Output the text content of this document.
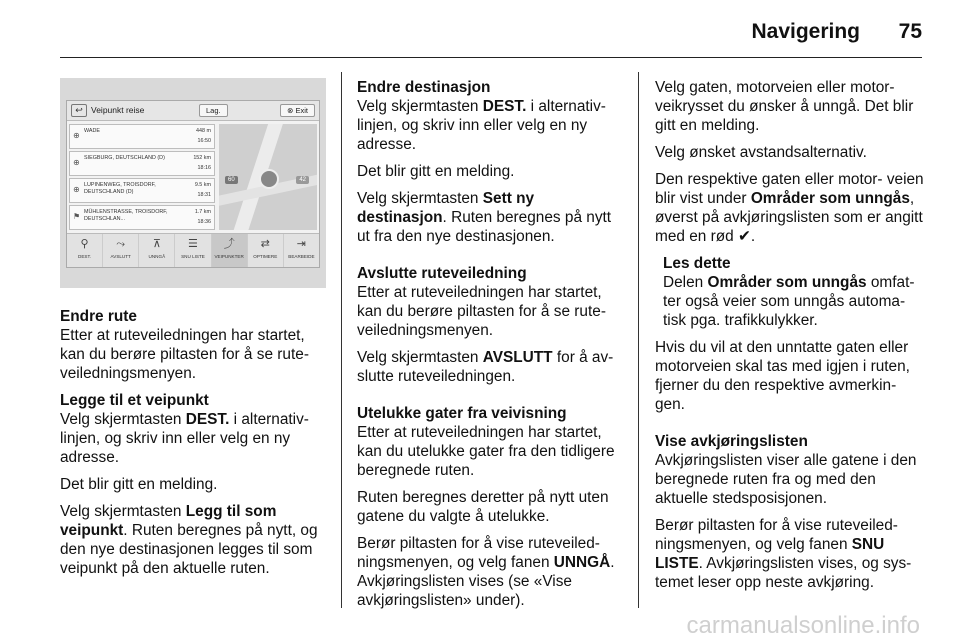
Navigering 75
↩ Veipunkt reise	Lag.	⊗ Exit
⊕ WADE	448 m
16:50
⊕ SIEGBURG, DEUTSCHLAND (D)	152 km
18:16
⊕ LUPINENWEG, TROISDORF, DEUTSCHLAND (D)
9.5 km
18:31
⚑ MÜHLENSTRASSE, TROISDORF, DEUTSCHLAN...
1.7 km
18:36
60	42
⚲
DEST.
⤳
AVSLUTT
⊼
UNNGÅ
☰
SNU LISTE
⤴
VEIPUNKTER
⇄
OPTIMERE
⇥
BEARBEIDE
Endre rute

Etter at ruteveiledningen har startet, kan du berøre piltasten for å se rute- veiledningsmenyen.

Legge til et veipunkt

Velg skjermtasten DEST. i alternativ- linjen, og skriv inn eller velg en ny adresse.

Det blir gitt en melding.

Velg skjermtasten Legg til som veipunkt. Ruten beregnes på nytt, og den nye destinasjonen legges til som veipunkt på den aktuelle ruten.

Endre destinasjon

Velg skjermtasten DEST. i alternativ- linjen, og skriv inn eller velg en ny adresse.

Det blir gitt en melding.

Velg skjermtasten Sett ny destinasjon. Ruten beregnes på nytt ut fra den nye destinasjonen.

Avslutte ruteveiledning

Etter at ruteveiledningen har startet, kan du berøre piltasten for å se rute- veiledningsmenyen.

Velg skjermtasten AVSLUTT for å av- slutte ruteveiledningen.

Utelukke gater fra veivisning

Etter at ruteveiledningen har startet, kan du utelukke gater fra den tidligere beregnede ruten.

Ruten beregnes deretter på nytt uten gatene du valgte å utelukke.

Berør piltasten for å vise ruteveiled- ningsmenyen, og velg fanen UNNGÅ. Avkjøringslisten vises (se «Vise avkjøringslisten» under).

Velg gaten, motorveien eller motor- veikrysset du ønsker å unngå. Det blir gitt en melding.

Velg ønsket avstandsalternativ.

Den respektive gaten eller motor- veien blir vist under Områder som unngås, øverst på avkjøringslisten som er angitt med en rød ✔.

Les dette
Delen Områder som unngås omfat- ter også veier som unngås automa- tisk pga. trafikkulykker.

Hvis du vil at den unntatte gaten eller motorveien skal tas med igjen i ruten, fjerner du den respektive avmerkin- gen.

Vise avkjøringslisten

Avkjøringslisten viser alle gatene i den beregnede ruten fra og med den aktuelle stedsposisjonen.

Berør piltasten for å vise ruteveiled- ningsmenyen, og velg fanen SNU LISTE. Avkjøringslisten vises, og sys- temet leser opp neste avkjøring.

carmanualsonline.info
